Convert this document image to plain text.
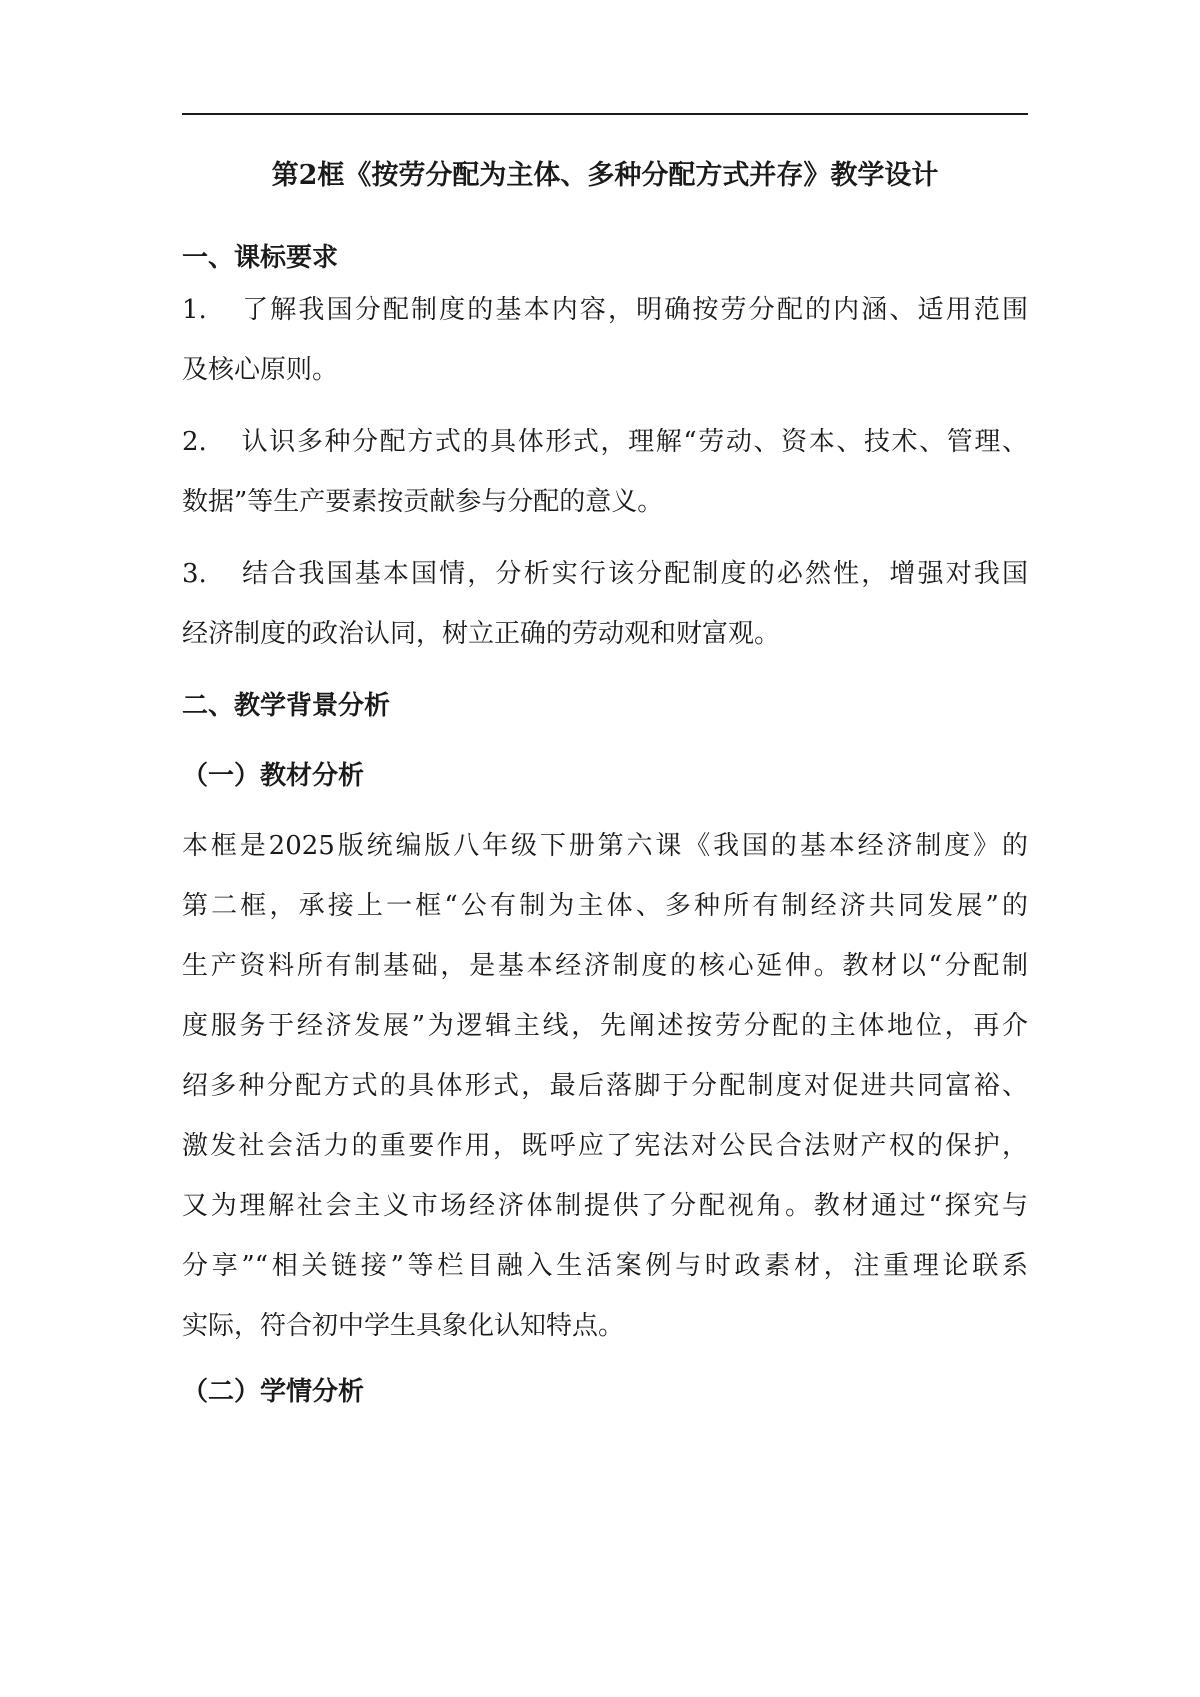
第2框《按劳分配为主体、多种分配方式并存》教学设计
一、课标要求
1. 了解我国分配制度的基本内容，明确按劳分配的内涵、适用范围
及核心原则。
2. 认识多种分配方式的具体形式，理解“劳动、资本、技术、管理、
数据”等生产要素按贡献参与分配的意义。
3. 结合我国基本国情，分析实行该分配制度的必然性，增强对我国
经济制度的政治认同，树立正确的劳动观和财富观。
二、教学背景分析
（一）教材分析
本框是2025版统编版八年级下册第六课《我国的基本经济制度》的
第二框，承接上一框“公有制为主体、多种所有制经济共同发展”的
生产资料所有制基础，是基本经济制度的核心延伸。教材以“分配制
度服务于经济发展”为逻辑主线，先阐述按劳分配的主体地位，再介
绍多种分配方式的具体形式，最后落脚于分配制度对促进共同富裕、
激发社会活力的重要作用，既呼应了宪法对公民合法财产权的保护，
又为理解社会主义市场经济体制提供了分配视角。教材通过“探究与
分享”“相关链接”等栏目融入生活案例与时政素材，注重理论联系
实际，符合初中学生具象化认知特点。
（二）学情分析
